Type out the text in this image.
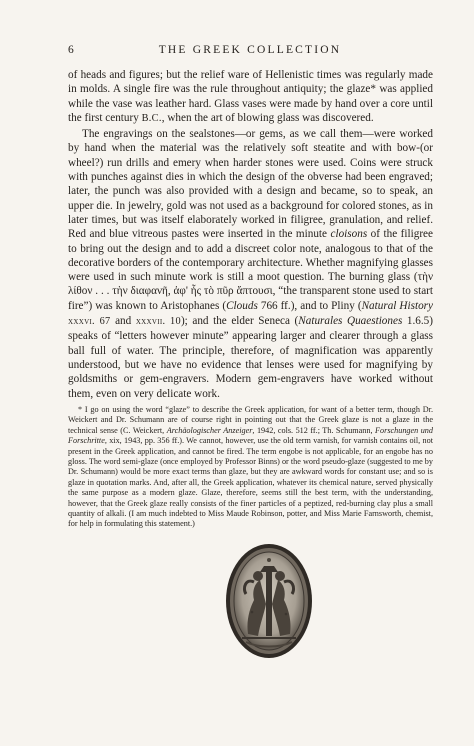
6	THE GREEK COLLECTION

of heads and figures; but the relief ware of Hellenistic times was regularly made in molds. A single fire was the rule throughout antiquity; the glaze* was applied while the vase was leather hard. Glass vases were made by hand over a core until the first century B.C., when the art of blowing glass was discovered.

The engravings on the sealstones—or gems, as we call them—were worked by hand when the material was the relatively soft steatite and with bow-(or wheel?) run drills and emery when harder stones were used. Coins were struck with punches against dies in which the design of the obverse had been engraved; later, the punch was also provided with a design and became, so to speak, an upper die. In jewelry, gold was not used as a background for colored stones, as in later times, but was itself elaborately worked in filigree, granulation, and relief. Red and blue vitreous pastes were inserted in the minute cloisons of the filigree to bring out the design and to add a discreet color note, analogous to that of the decorative borders of the contemporary architecture. Whether magnifying glasses were used in such minute work is still a moot question. The burning glass (τὴν λίθον . . . τὴν διαφανῆ, ἀφ' ἧς τὸ πῦρ ἅπτουσι, “the transparent stone used to start fire”) was known to Aristophanes (Clouds 766 ff.), and to Pliny (Natural History xxxvi. 67 and xxxvii. 10); and the elder Seneca (Naturales Quaestiones 1.6.5) speaks of “letters however minute” appearing larger and clearer through a glass ball full of water. The principle, therefore, of magnification was apparently understood, but we have no evidence that lenses were used for magnifying by goldsmiths or gem-engravers. Modern gem-engravers have worked without them, even on very delicate work.

* I go on using the word “glaze” to describe the Greek application, for want of a better term, though Dr. Weickert and Dr. Schumann are of course right in pointing out that the Greek glaze is not a glaze in the technical sense (C. Weickert, Archäologischer Anzeiger, 1942, cols. 512 ff.; Th. Schumann, Forschungen und Forschritte, xix, 1943, pp. 356 ff.). We cannot, however, use the old term varnish, for varnish contains oil, not present in the Greek application, and cannot be fired. The term engobe is not applicable, for an engobe has no gloss. The word semi-glaze (once employed by Professor Binns) or the word pseudo-glaze (suggested to me by Dr. Schumann) would be more exact terms than glaze, but they are awkward words for constant use; and so is glaze in quotation marks. And, after all, the Greek application, whatever its chemical nature, served physically the same purpose as a modern glaze. Glaze, therefore, seems still the best term, with the understanding, however, that the Greek glaze really consists of the finer particles of a peptized, red-burning clay plus a small quantity of alkali. (I am much indebted to Miss Maude Robinson, potter, and Miss Marie Farnsworth, chemist, for help in formulating this statement.)
